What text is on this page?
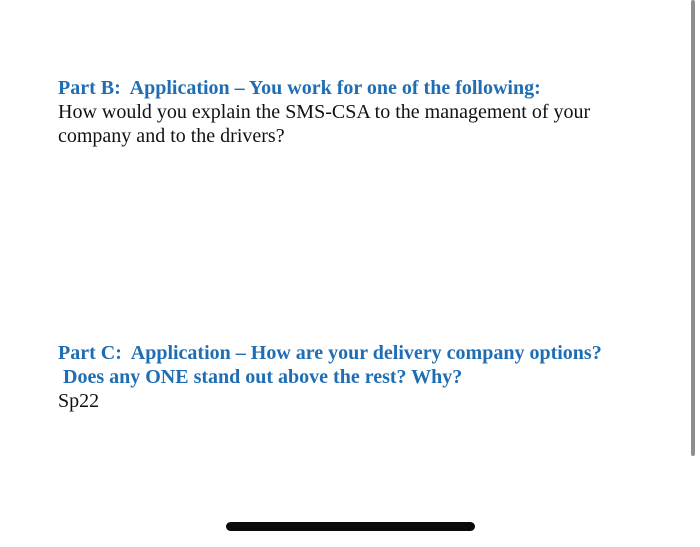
Part B:  Application – You work for one of the following:
How would you explain the SMS-CSA to the management of your company and to the drivers?
Part C:  Application – How are your delivery company options?
Does any ONE stand out above the rest? Why?
Sp22
